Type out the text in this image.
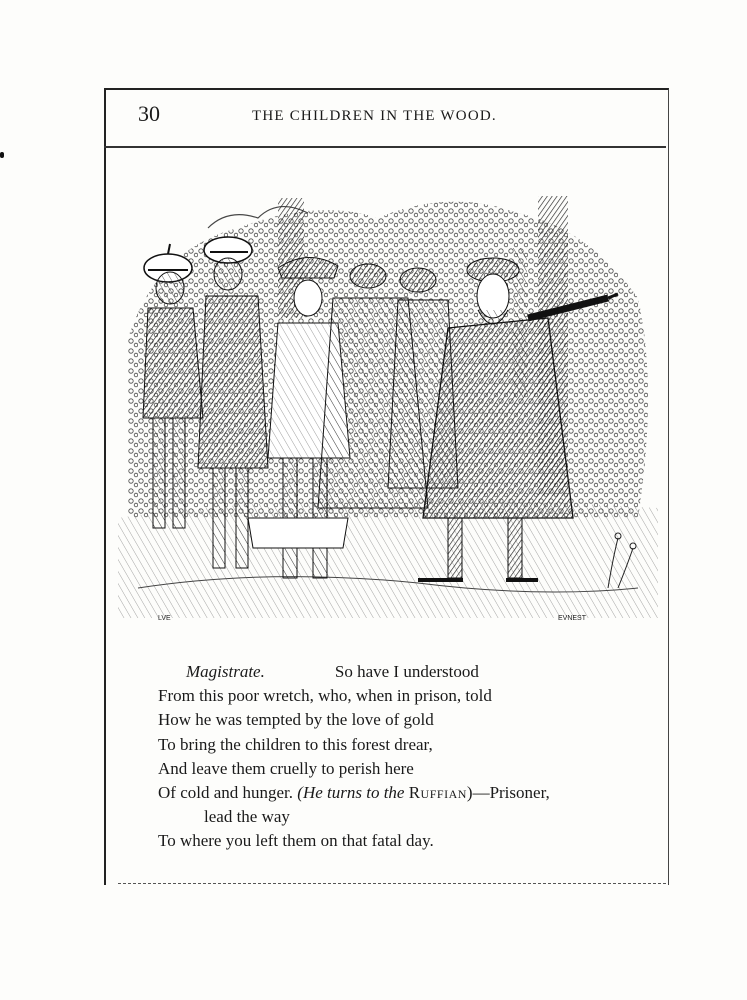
30	THE CHILDREN IN THE WOOD.
LVE	EVNEST
Magistrate.	So have I understood
From this poor wretch, who, when in prison, told
How he was tempted by the love of gold
To bring the children to this forest drear,
And leave them cruelly to perish here
Of cold and hunger. (He turns to the Ruffian)—Prisoner,
lead the way
To where you left them on that fatal day.
